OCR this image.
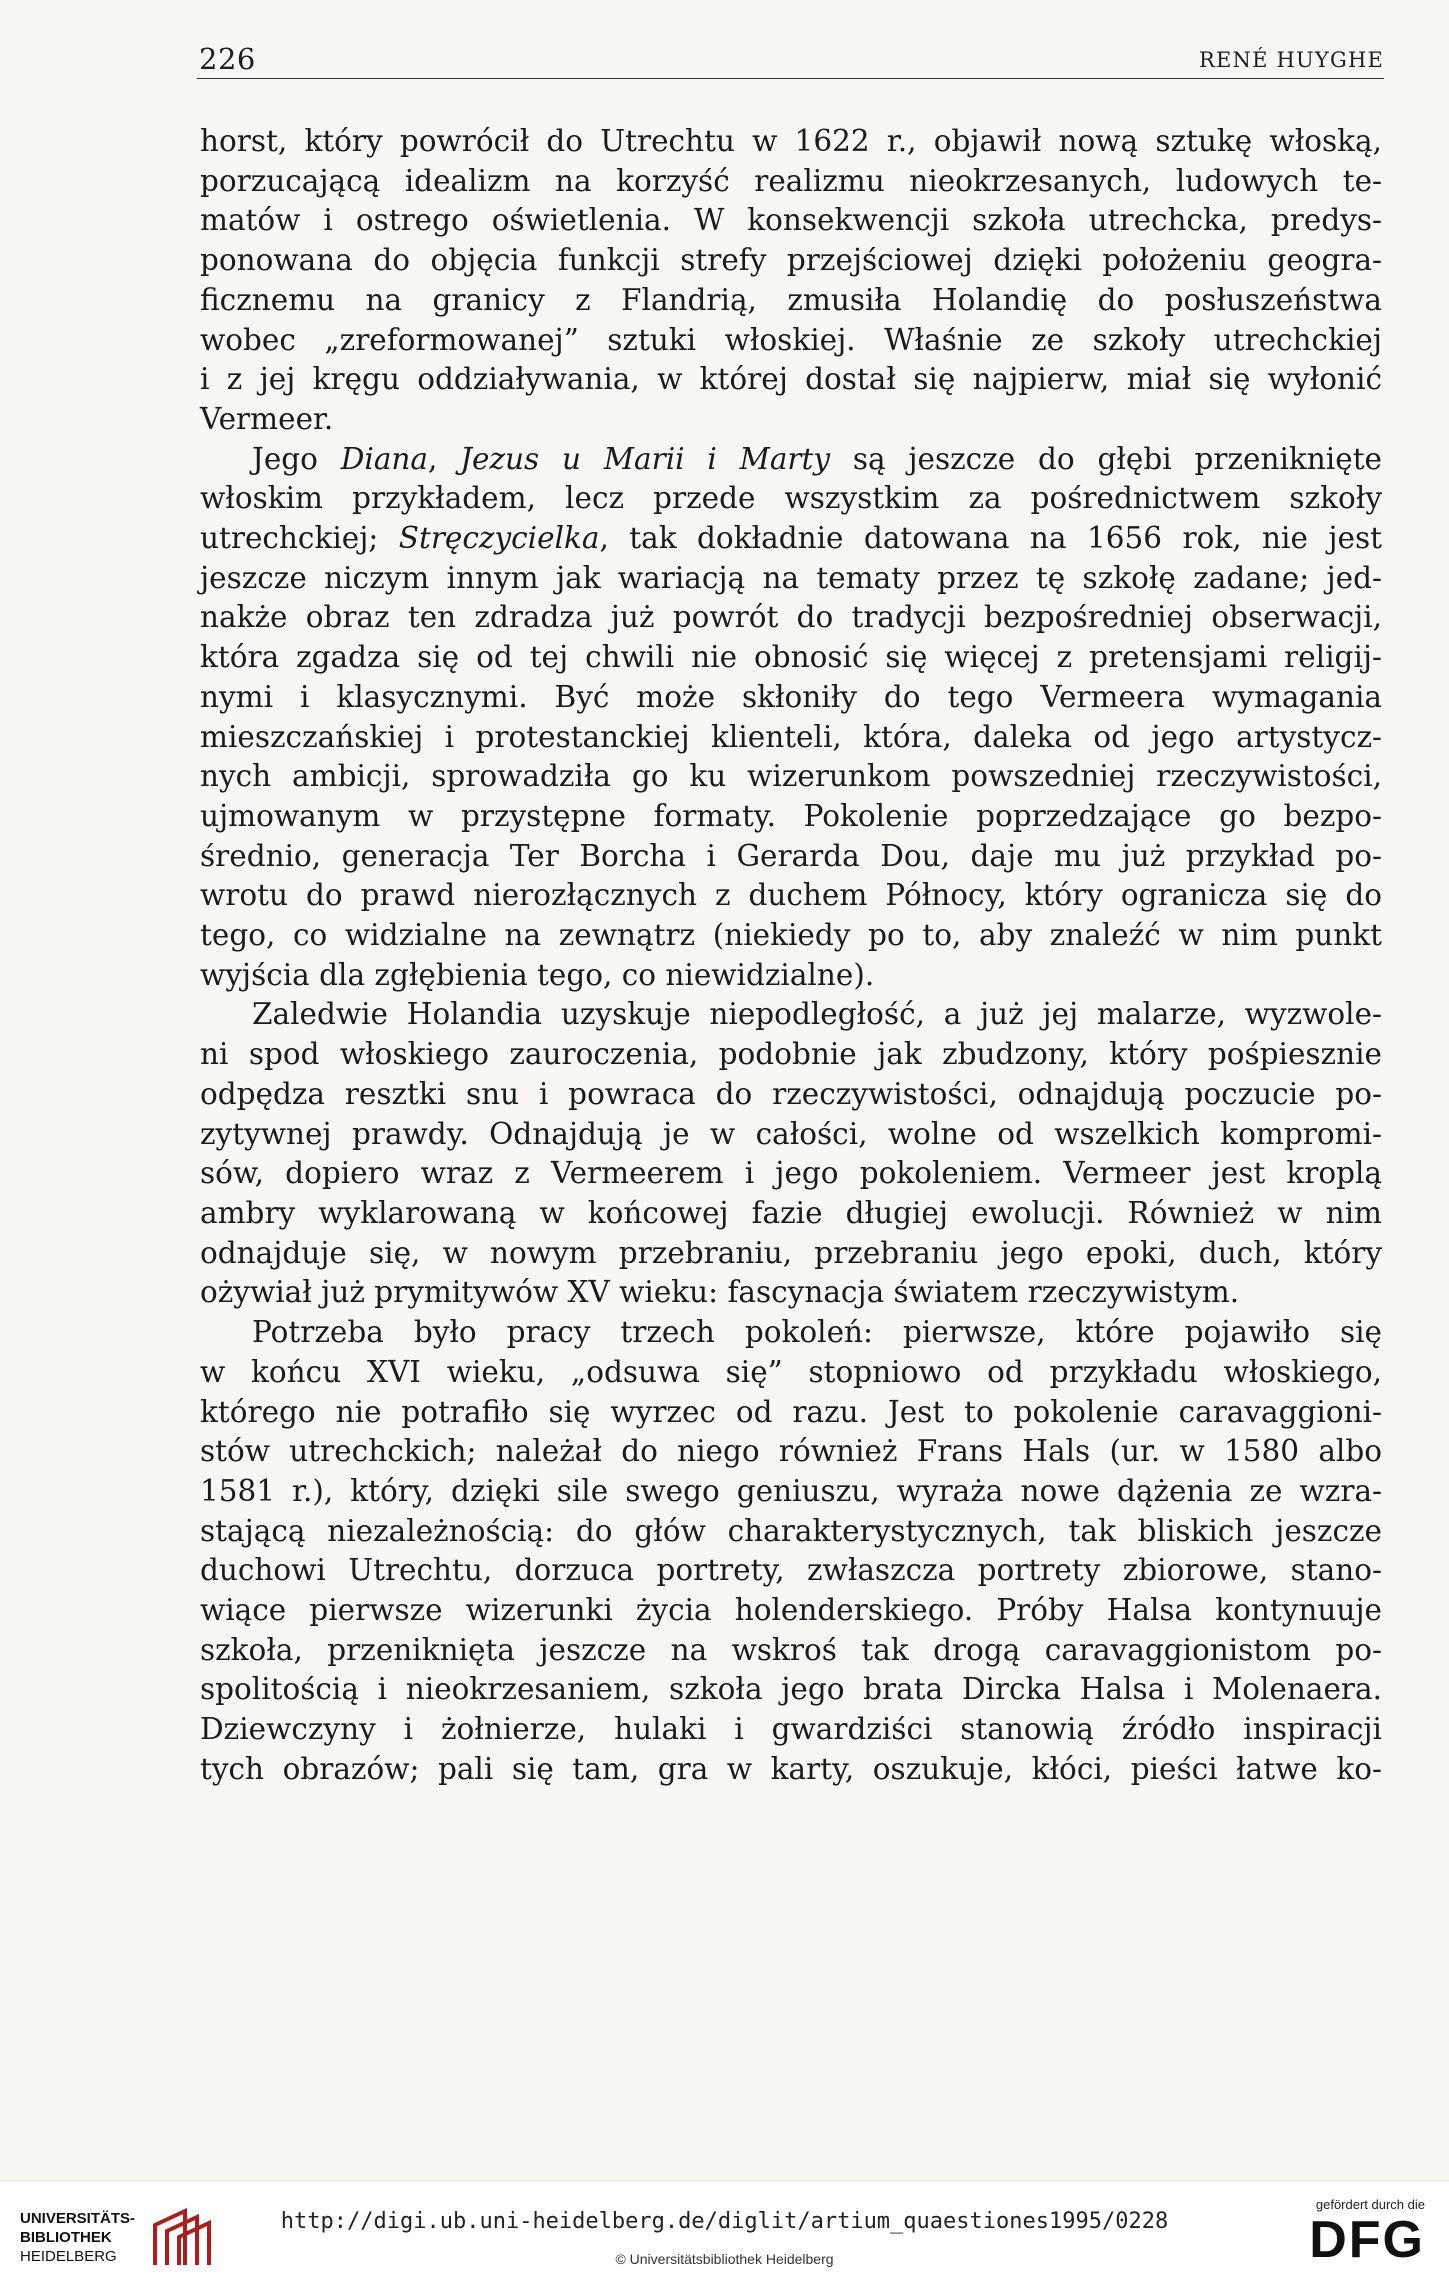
226	RENÉ HUYGHE
horst, który powrócił do Utrechtu w 1622 r., objawił nową sztukę włoską,
porzucającą idealizm na korzyść realizmu nieokrzesanych, ludowych te-
matów i ostrego oświetlenia. W konsekwencji szkoła utrechcka, predys-
ponowana do objęcia funkcji strefy przejściowej dzięki położeniu geogra-
ficznemu na granicy z Flandrią, zmusiła Holandię do posłuszeństwa
wobec „zreformowanej” sztuki włoskiej. Właśnie ze szkoły utrechckiej
i z jej kręgu oddziaływania, w której dostał się najpierw, miał się wyłonić
Vermeer.
Jego Diana, Jezus u Marii i Marty są jeszcze do głębi przeniknięte
włoskim przykładem, lecz przede wszystkim za pośrednictwem szkoły
utrechckiej; Stręczycielka, tak dokładnie datowana na 1656 rok, nie jest
jeszcze niczym innym jak wariacją na tematy przez tę szkołę zadane; jed-
nakże obraz ten zdradza już powrót do tradycji bezpośredniej obserwacji,
która zgadza się od tej chwili nie obnosić się więcej z pretensjami religij-
nymi i klasycznymi. Być może skłoniły do tego Vermeera wymagania
mieszczańskiej i protestanckiej klienteli, która, daleka od jego artystycz-
nych ambicji, sprowadziła go ku wizerunkom powszedniej rzeczywistości,
ujmowanym w przystępne formaty. Pokolenie poprzedzające go bezpo-
średnio, generacja Ter Borcha i Gerarda Dou, daje mu już przykład po-
wrotu do prawd nierozłącznych z duchem Północy, który ogranicza się do
tego, co widzialne na zewnątrz (niekiedy po to, aby znaleźć w nim punkt
wyjścia dla zgłębienia tego, co niewidzialne).
Zaledwie Holandia uzyskuje niepodległość, a już jej malarze, wyzwole-
ni spod włoskiego zauroczenia, podobnie jak zbudzony, który pośpiesznie
odpędza resztki snu i powraca do rzeczywistości, odnajdują poczucie po-
zytywnej prawdy. Odnajdują je w całości, wolne od wszelkich kompromi-
sów, dopiero wraz z Vermeerem i jego pokoleniem. Vermeer jest kroplą
ambry wyklarowaną w końcowej fazie długiej ewolucji. Również w nim
odnajduje się, w nowym przebraniu, przebraniu jego epoki, duch, który
ożywiał już prymitywów XV wieku: fascynacja światem rzeczywistym.
Potrzeba było pracy trzech pokoleń: pierwsze, które pojawiło się
w końcu XVI wieku, „odsuwa się” stopniowo od przykładu włoskiego,
którego nie potrafiło się wyrzec od razu. Jest to pokolenie caravaggioni-
stów utrechckich; należał do niego również Frans Hals (ur. w 1580 albo
1581 r.), który, dzięki sile swego geniuszu, wyraża nowe dążenia ze wzra-
stającą niezależnością: do głów charakterystycznych, tak bliskich jeszcze
duchowi Utrechtu, dorzuca portrety, zwłaszcza portrety zbiorowe, stano-
wiące pierwsze wizerunki życia holenderskiego. Próby Halsa kontynuuje
szkoła, przeniknięta jeszcze na wskroś tak drogą caravaggionistom po-
spolitością i nieokrzesaniem, szkoła jego brata Dircka Halsa i Molenaera.
Dziewczyny i żołnierze, hulaki i gwardziści stanowią źródło inspiracji
tych obrazów; pali się tam, gra w karty, oszukuje, kłóci, pieści łatwe ko-
UNIVERSITÄTS-
BIBLIOTHEK
HEIDELBERG
http://digi.ub.uni-heidelberg.de/diglit/artium_quaestiones1995/0228
© Universitätsbibliothek Heidelberg
gefördert durch die
DFG
